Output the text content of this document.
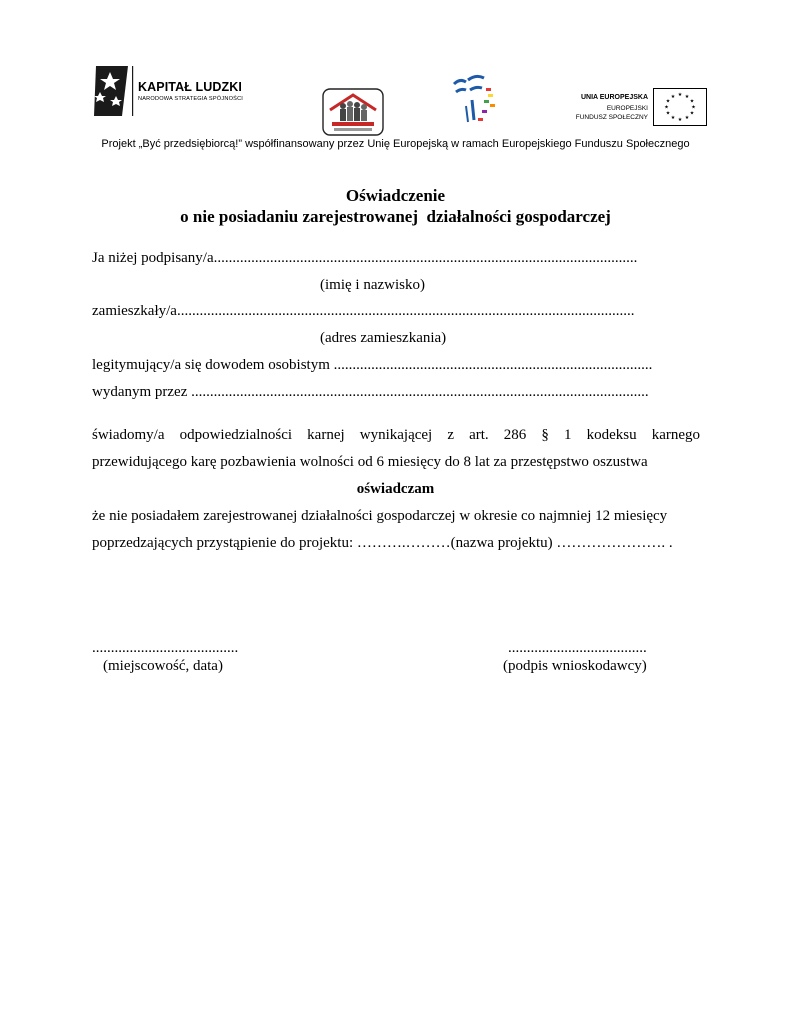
KAPITAŁ LUDZKI
NARODOWA STRATEGIA SPÓJNOŚCI	UNIA EUROPEJSKA
EUROPEJSKI
FUNDUSZ SPOŁECZNY
★ ★
★
★
★
★
★
★
★
★
★
★
Projekt „Być przedsiębiorcą!” współfinansowany przez Unię Europejską w ramach Europejskiego Funduszu Społecznego
Oświadczenie
o nie posiadaniu zarejestrowanej  działalności gospodarczej
Ja niżej podpisany/a.................................................................................................................
(imię i nazwisko)
zamieszkały/a..........................................................................................................................
(adres zamieszkania)
legitymujący/a się dowodem osobistym .....................................................................................
wydanym przez ..........................................................................................................................
świadomy/a odpowiedzialności karnej wynikającej z art. 286 § 1 kodeksu karnego
przewidującego karę pozbawienia wolności od 6 miesięcy do 8 lat za przestępstwo oszustwa
oświadczam
że nie posiadałem zarejestrowanej działalności gospodarczej w okresie co najmniej 12 miesięcy
poprzedzających przystąpienie do projektu: ……….………(nazwa projektu) …………………. .
.......................................
(miejscowość, data)
.....................................
(podpis wnioskodawcy)
